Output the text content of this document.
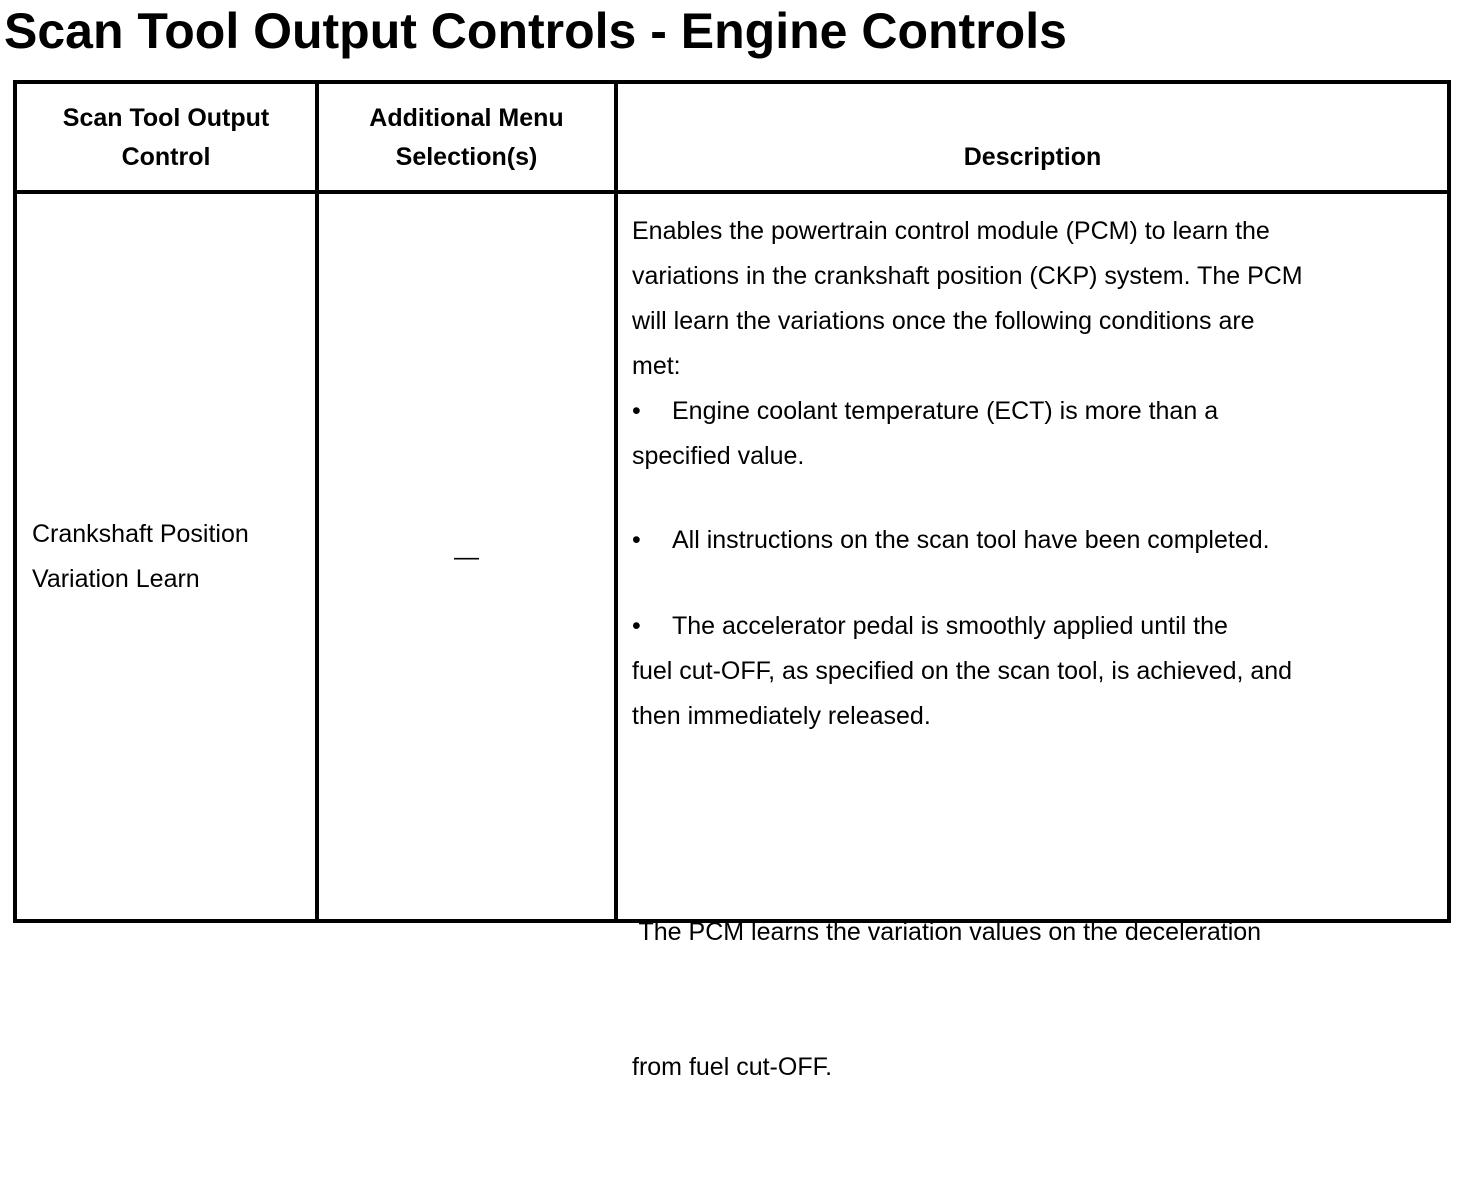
Scan Tool Output Controls - Engine Controls
Scan Tool Output
Control
Additional Menu
Selection(s)	Description
Crankshaft Position
Variation Learn
—
Enables the powertrain control module (PCM) to learn the
variations in the crankshaft position (CKP) system. The PCM
will learn the variations once the following conditions are
met:
• Engine coolant temperature (ECT) is more than a
specified value.
• All instructions on the scan tool have been completed.
• The accelerator pedal is smoothly applied until the
fuel cut-OFF, as specified on the scan tool, is achieved, and
then immediately released.

The PCM learns the variation values on the deceleration

from fuel cut-OFF.
